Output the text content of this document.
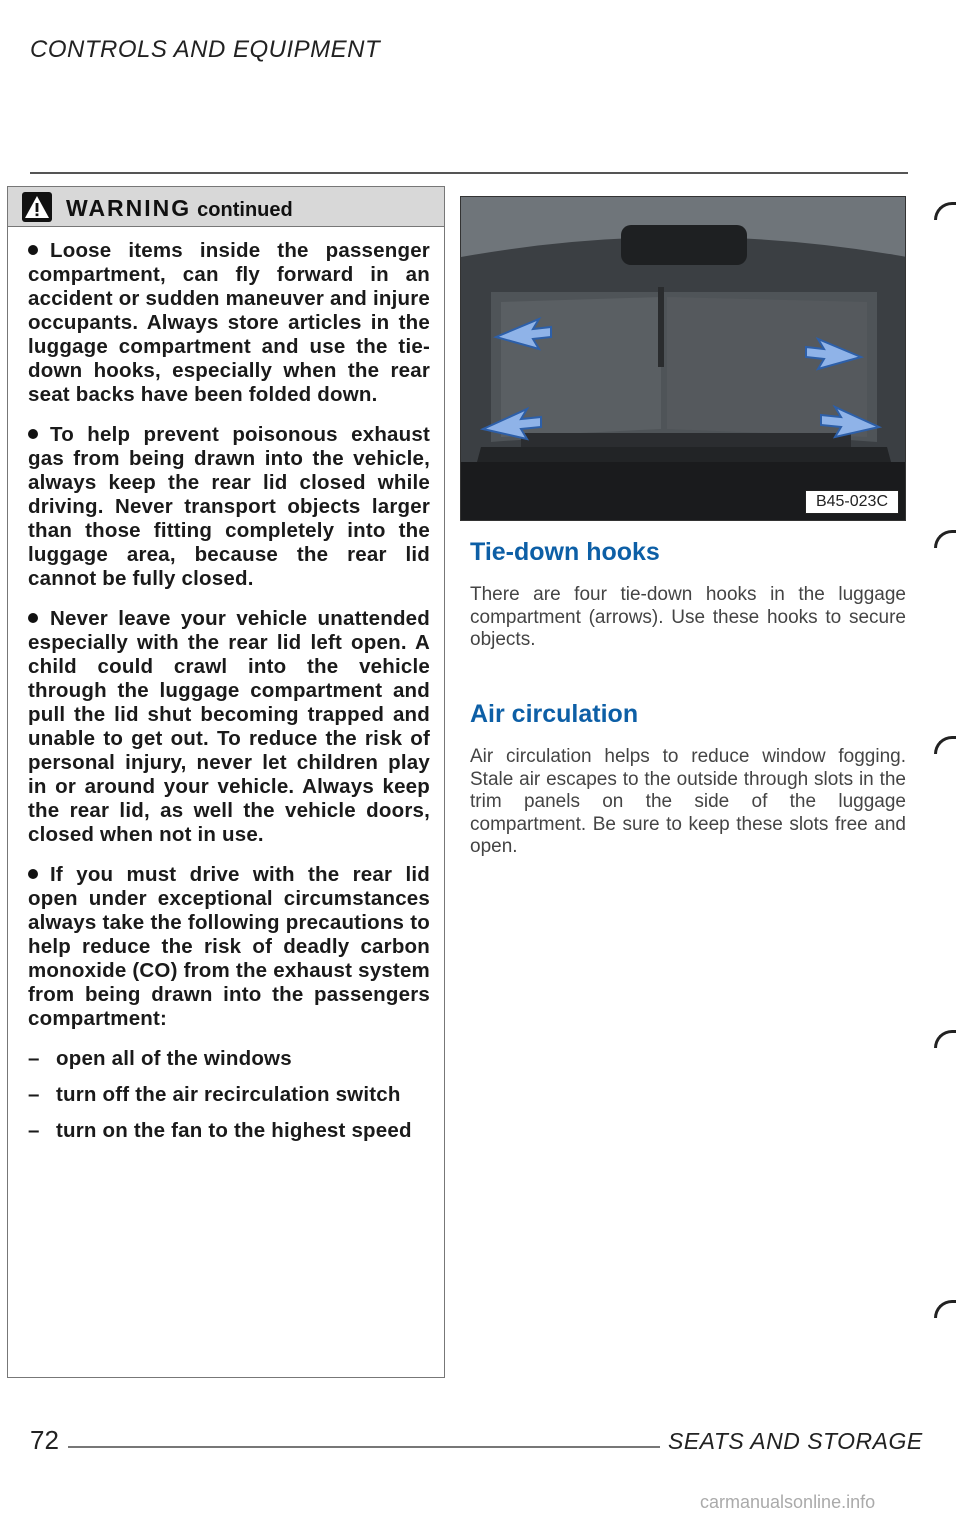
CONTROLS AND EQUIPMENT
WARNING continued

Loose items inside the passenger compartment, can fly forward in an accident or sudden maneuver and injure occupants. Always store articles in the luggage compartment and use the tie-down hooks, especially when the rear seat backs have been folded down.

To help prevent poisonous exhaust gas from being drawn into the vehicle, always keep the rear lid closed while driving. Never transport objects larger than those fitting completely into the luggage area, because the rear lid cannot be fully closed.

Never leave your vehicle unattended especially with the rear lid left open. A child could crawl into the vehicle through the luggage compartment and pull the lid shut becoming trapped and unable to get out. To reduce the risk of personal injury, never let children play in or around your vehicle. Always keep the rear lid, as well the vehicle doors, closed when not in use.

If you must drive with the rear lid open under exceptional circumstances always take the following precautions to help reduce the risk of deadly carbon monoxide (CO) from the exhaust system from being drawn into the passengers compartment:

– open all of the windows

– turn off the air recirculation switch

– turn on the fan to the highest speed

B45-023C
Tie-down hooks
There are four tie-down hooks in the luggage compartment (arrows). Use these hooks to secure objects.
Air circulation
Air circulation helps to reduce window fogging. Stale air escapes to the outside through slots in the trim panels on the side of the luggage compartment. Be sure to keep these slots free and open.
72	SEATS AND STORAGE
carmanualsonline.info
